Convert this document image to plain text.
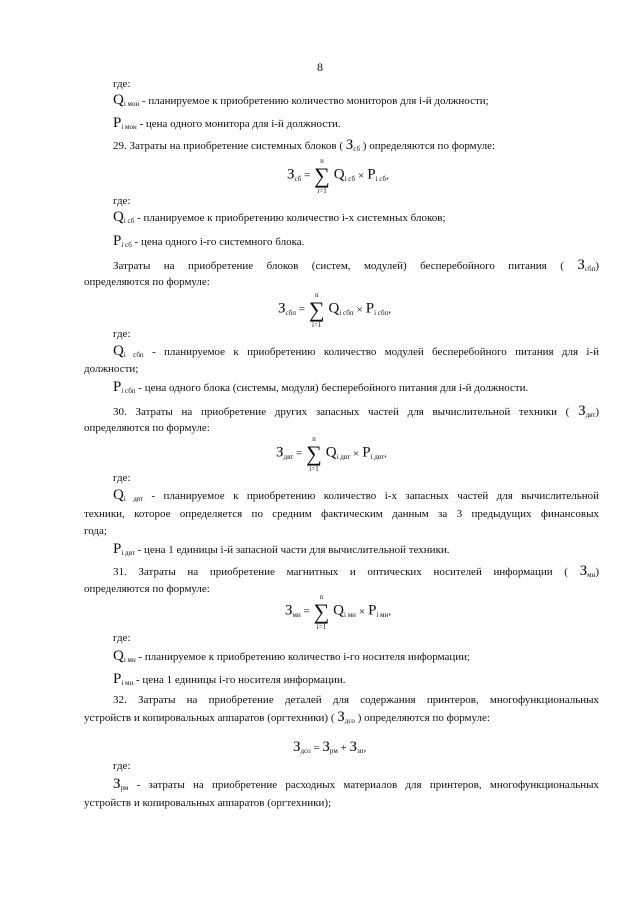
8
где:
Qi мон - планируемое к приобретению количество мониторов для i-й должности;
Pi мон - цена одного монитора для i-й должности.
29. Затраты на приобретение системных блоков ( Зсб ) определяются по формуле:
Зсб =
n
∑
i=1
Qi сб × Pi сб,
где:
Qi сб - планируемое к приобретению количество i-х системных блоков;
Pi сб - цена одного i-го системного блока.
Затраты на приобретение блоков (систем, модулей) бесперебойного питания ( Зсбп)
определяются по формуле:
Зсбп =
n
∑
i=1
Qi сбп × Pi сбп,
где:
Qi сбп - планируемое к приобретению количество модулей бесперебойного питания для i-й
должности;
Pi сбп - цена одного блока (системы, модуля) бесперебойного питания для i-й должности.
30. Затраты на приобретение других запасных частей для вычислительной техники ( Здвт)
определяются по формуле:
Здвт =
n
∑
i=1
Qi двт × Pi двт,
где:
Qi двт - планируемое к приобретению количество i-х запасных частей для вычислительной
техники, которое определяется по средним фактическим данным за 3 предыдущих финансовых
года;
Pi двт - цена 1 единицы i-й запасной части для вычислительной техники.
31. Затраты на приобретение магнитных и оптических носителей информации ( Змн)
определяются по формуле:
Змн =
n
∑
i=1
Qi мн × Pi мн,
где:
Qi мн - планируемое к приобретению количество i-го носителя информации;
Pi мн - цена 1 единицы i-го носителя информации.
32. Затраты на приобретение деталей для содержания принтеров, многофункциональных
устройств и копировальных аппаратов (оргтехники) ( Здсо ) определяются по формуле:
Здсо = Зрм + Ззп,
где:
Зрм - затраты на приобретение расходных материалов для принтеров, многофункциональных
устройств и копировальных аппаратов (оргтехники);
